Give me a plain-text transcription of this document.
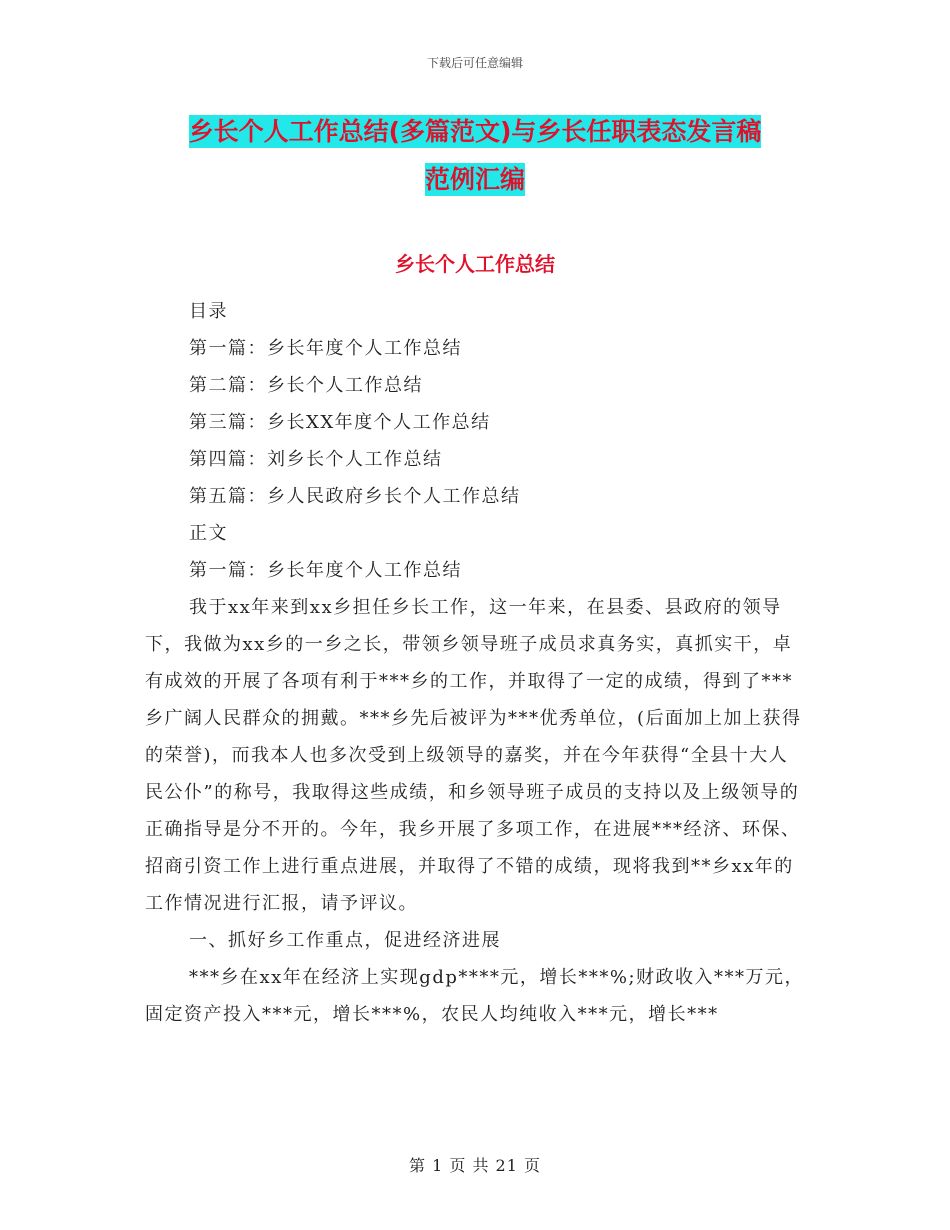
下载后可任意编辑
乡长个人工作总结(多篇范文)与乡长任职表态发言稿
范例汇编
乡长个人工作总结

目录

第一篇：乡长年度个人工作总结

第二篇：乡长个人工作总结

第三篇：乡长XX年度个人工作总结

第四篇：刘乡长个人工作总结

第五篇：乡人民政府乡长个人工作总结

正文

第一篇：乡长年度个人工作总结

我于xx年来到xx乡担任乡长工作，这一年来，在县委、县政府的领导下，我做为xx乡的一乡之长，带领乡领导班子成员求真务实，真抓实干，卓有成效的开展了各项有利于***乡的工作，并取得了一定的成绩，得到了***乡广阔人民群众的拥戴。***乡先后被评为***优秀单位，(后面加上加上获得的荣誉)，而我本人也多次受到上级领导的嘉奖，并在今年获得“全县十大人民公仆”的称号，我取得这些成绩，和乡领导班子成员的支持以及上级领导的正确指导是分不开的。今年，我乡开展了多项工作，在进展***经济、环保、招商引资工作上进行重点进展，并取得了不错的成绩，现将我到**乡xx年的工作情况进行汇报，请予评议。

一、抓好乡工作重点，促进经济进展

***乡在xx年在经济上实现gdp****元，增长***%;财政收入***万元，固定资产投入***元，增长***%，农民人均纯收入***元，增长***

第 1 页 共 21 页
